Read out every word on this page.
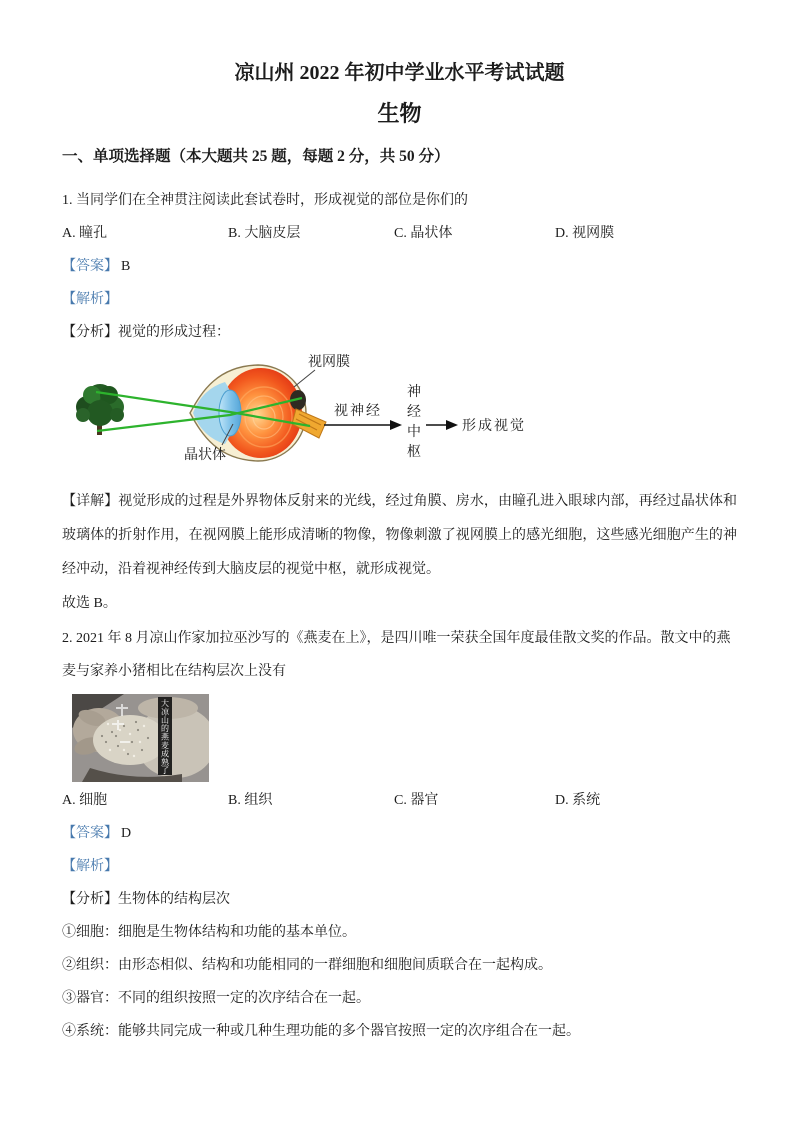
凉山州 2022 年初中学业水平考试试题
生物
一、单项选择题（本大题共 25 题，每题 2 分，共 50 分）

1. 当同学们在全神贯注阅读此套试卷时，形成视觉的部位是你们的

A. 瞳孔	B. 大脑皮层	C. 晶状体	D. 视网膜

【答案】 B

【解析】

【分析】视觉的形成过程：

视网膜
晶状体
视神经
神经中枢
形成视觉

【详解】视觉形成的过程是外界物体反射来的光线，经过角膜、房水，由瞳孔进入眼球内部，再经过晶状体和玻璃体的折射作用，在视网膜上能形成清晰的物像，物像刺激了视网膜上的感光细胞，这些感光细胞产生的神经冲动，沿着视神经传到大脑皮层的视觉中枢，就形成视觉。

故选 B。

2. 2021 年 8 月凉山作家加拉巫沙写的《燕麦在上》，是四川唯一荣获全国年度最佳散文奖的作品。散文中的燕麦与家养小猪相比在结构层次上没有

大凉山的燕麦成熟了
A. 细胞	B. 组织	C. 器官	D. 系统

【答案】 D

【解析】

【分析】生物体的结构层次

①细胞：细胞是生物体结构和功能的基本单位。

②组织：由形态相似、结构和功能相同的一群细胞和细胞间质联合在一起构成。

③器官：不同的组织按照一定的次序结合在一起。

④系统：能够共同完成一种或几种生理功能的多个器官按照一定的次序组合在一起。
